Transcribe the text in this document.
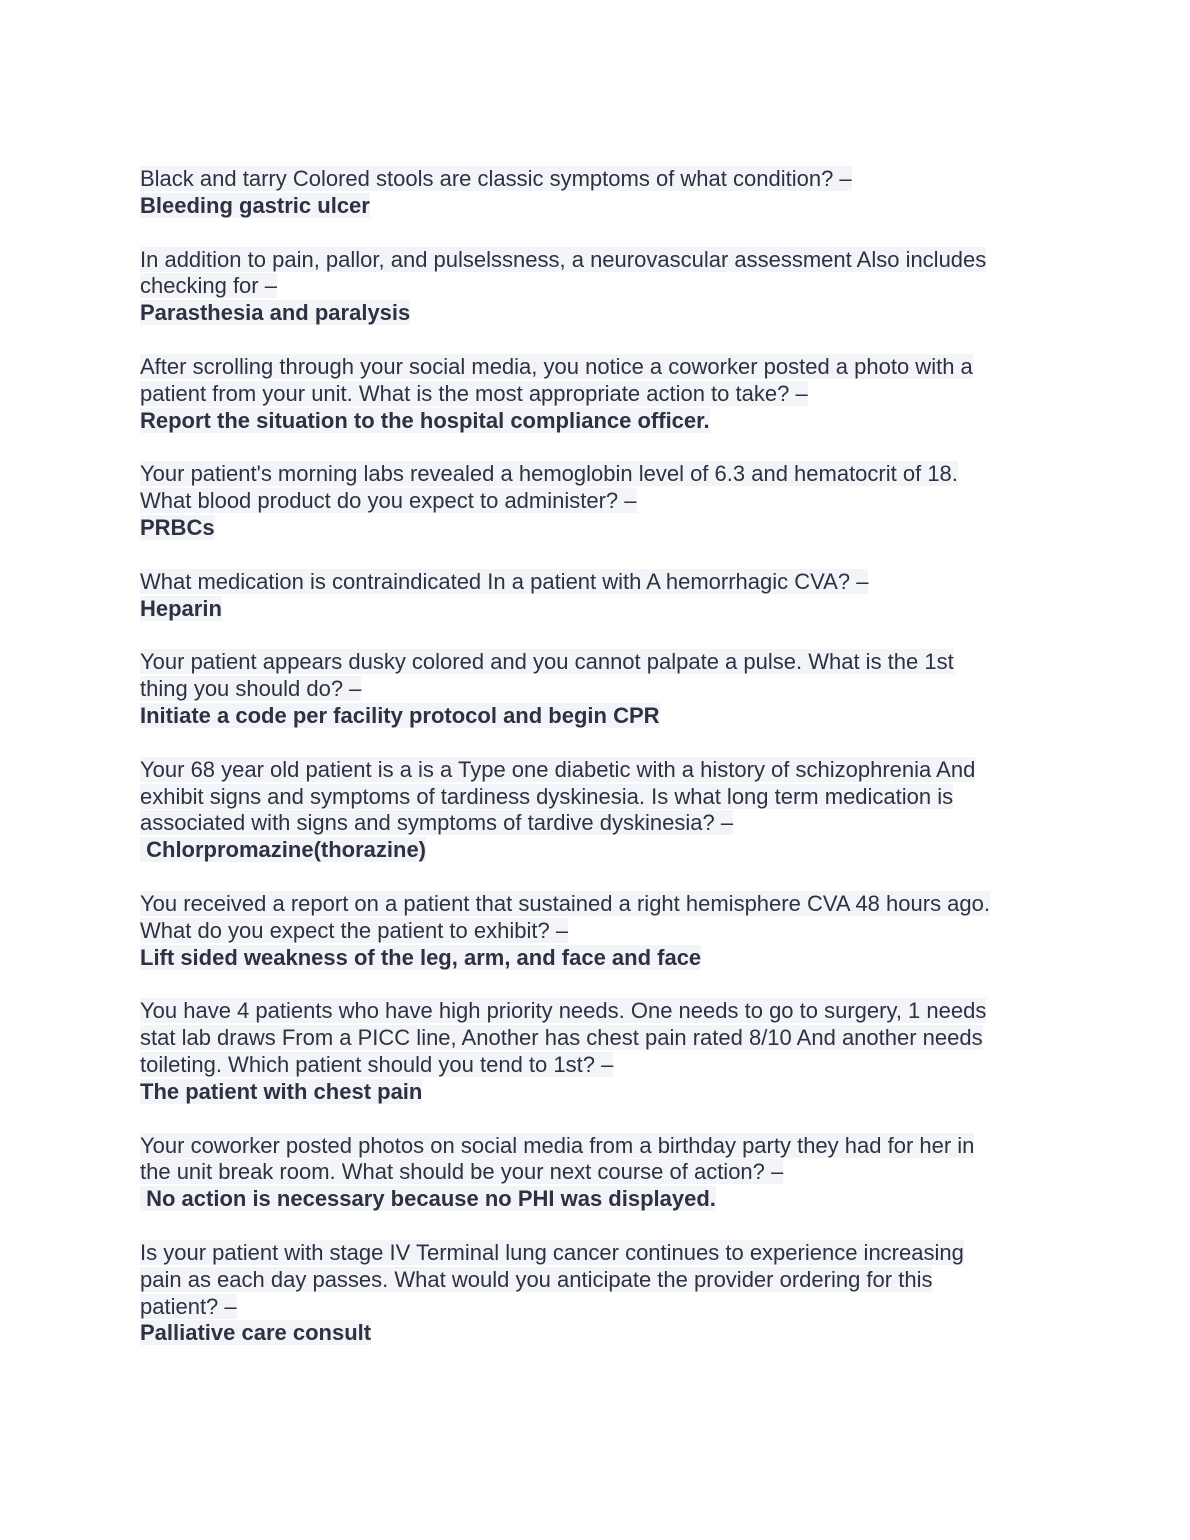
Black and tarry Colored stools are classic symptoms of what condition? –
Bleeding gastric ulcer
In addition to pain, pallor, and pulselssness, a neurovascular assessment Also includes
checking for –
Parasthesia and paralysis
After scrolling through your social media, you notice a coworker posted a photo with a
patient from your unit. What is the most appropriate action to take? –
Report the situation to the hospital compliance officer.
Your patient's morning labs revealed a hemoglobin level of 6.3 and hematocrit of 18.
What blood product do you expect to administer? –
PRBCs
What medication is contraindicated In a patient with A hemorrhagic CVA? –
Heparin
Your patient appears dusky colored and you cannot palpate a pulse. What is the 1st
thing you should do? –
Initiate a code per facility protocol and begin CPR
Your 68 year old patient is a is a Type one diabetic with a history of schizophrenia And
exhibit signs and symptoms of tardiness dyskinesia. Is what long term medication is
associated with signs and symptoms of tardive dyskinesia? –
Chlorpromazine(thorazine)
You received a report on a patient that sustained a right hemisphere CVA 48 hours ago.
What do you expect the patient to exhibit? –
Lift sided weakness of the leg, arm, and face and face
You have 4 patients who have high priority needs. One needs to go to surgery, 1 needs
stat lab draws From a PICC line, Another has chest pain rated 8/10 And another needs
toileting. Which patient should you tend to 1st? –
The patient with chest pain
Your coworker posted photos on social media from a birthday party they had for her in
the unit break room. What should be your next course of action? –
No action is necessary because no PHI was displayed.
Is your patient with stage IV Terminal lung cancer continues to experience increasing
pain as each day passes. What would you anticipate the provider ordering for this
patient? –
Palliative care consult
